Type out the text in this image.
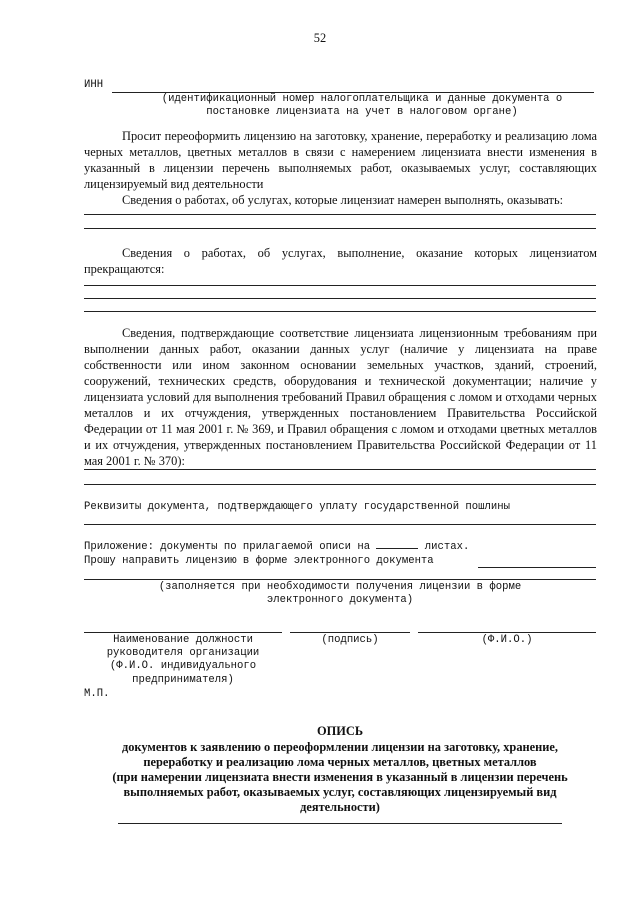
52
ИНН
(идентификационный номер налогоплательщика и данные документа о
постановке лицензиата на учет в налоговом органе)
Просит переоформить лицензию на заготовку, хранение, переработку и реализацию лома черных металлов, цветных металлов в связи с намерением лицензиата внести изменения в указанный в лицензии перечень выполняемых работ, оказываемых услуг, составляющих лицензируемый вид деятельности
Сведения о работах, об услугах, которые лицензиат намерен выполнять, оказывать:
Сведения о работах, об услугах, выполнение, оказание которых лицензиатом прекращаются:
Сведения, подтверждающие соответствие лицензиата лицензионным требованиям при выполнении данных работ, оказании данных услуг (наличие у лицензиата на праве собственности или ином законном основании земельных участков, зданий, строений, сооружений, технических средств, оборудования и технической документации; наличие у лицензиата условий для выполнения требований Правил обращения с ломом и отходами черных металлов и их отчуждения, утвержденных постановлением Правительства Российской Федерации от 11 мая 2001 г. № 369, и Правил обращения с ломом и отходами цветных металлов и их отчуждения, утвержденных постановлением Правительства Российской Федерации от 11 мая 2001 г. № 370):
Реквизиты документа, подтверждающего уплату государственной пошлины
Приложение: документы по прилагаемой описи на	листах.
Прошу направить лицензию в форме электронного документа
(заполняется при необходимости получения лицензии в форме
электронного документа)
Наименование должности
руководителя организации
(Ф.И.О. индивидуального
предпринимателя)
(подпись)	(Ф.И.О.)
М.П.
ОПИСЬ
документов к заявлению о переоформлении лицензии на заготовку, хранение,
переработку и реализацию лома черных металлов, цветных металлов
(при намерении лицензиата внести изменения в указанный в лицензии перечень
выполняемых работ, оказываемых услуг, составляющих лицензируемый вид
деятельности)
